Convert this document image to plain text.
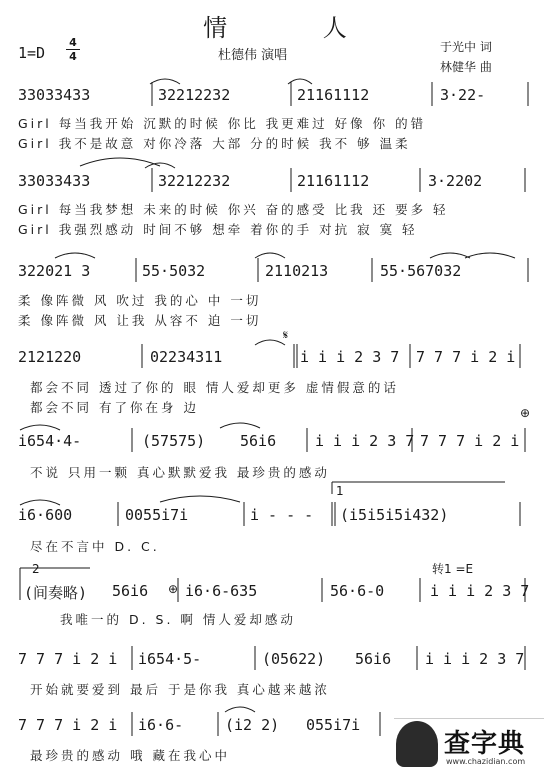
情 人
1=D
4
4	杜德伟 演唱
于光中 词
林健华 曲
33033433	32212232	21161112	3·22-
Girl 每当我开始 沉默的时候 你比 我更难过 好像 你 的错
Girl 我不是故意 对你冷落 大部 分的时候 我不 够 温柔
33033433	32212232	21161112	3·2202
Girl 每当我梦想 未来的时候 你兴 奋的感受 比我 还 要多 轻
Girl 我强烈感动 时间不够 想牵 着你的手 对抗 寂 寞 轻
322021 3	55·5032	2110213	55·567032
柔 像阵微 风 吹过 我的心 中 一切
柔 像阵微 风 让我 从容不 迫 一切
2121220	02234311	i i i 2 3 7 7 7 7 i 2 i
𝄋
都会不同 透过了你的 眼 情人爱却更多 虚情假意的话
都会不同 有了你在身 边	⊕
i654·4-	(57575) 56i6	i i i 2 3 7 7 7 7 i 2 i
不说 只用一颗 真心默默爱我 最珍贵的感动
i6·600	0055i7i	i - - - (i5i5i5i432)
1
尽在不言中 D. C.
2
(间奏略) 56i6 i6·6-635	56·6-0	i i i 2 3 7
转1 =E
⊕
我唯一的 D. S. 啊 情人爱却感动
7 7 7 i 2 i i654·5-	(05622) 56i6 i i i 2 3 7
开始就要爱到 最后 于是你我 真心越来越浓
7 7 7 i 2 i i6·6-	(i2 2) 055i7i
最珍贵的感动 哦 藏在我心中	查字典
www.chazidian.com
